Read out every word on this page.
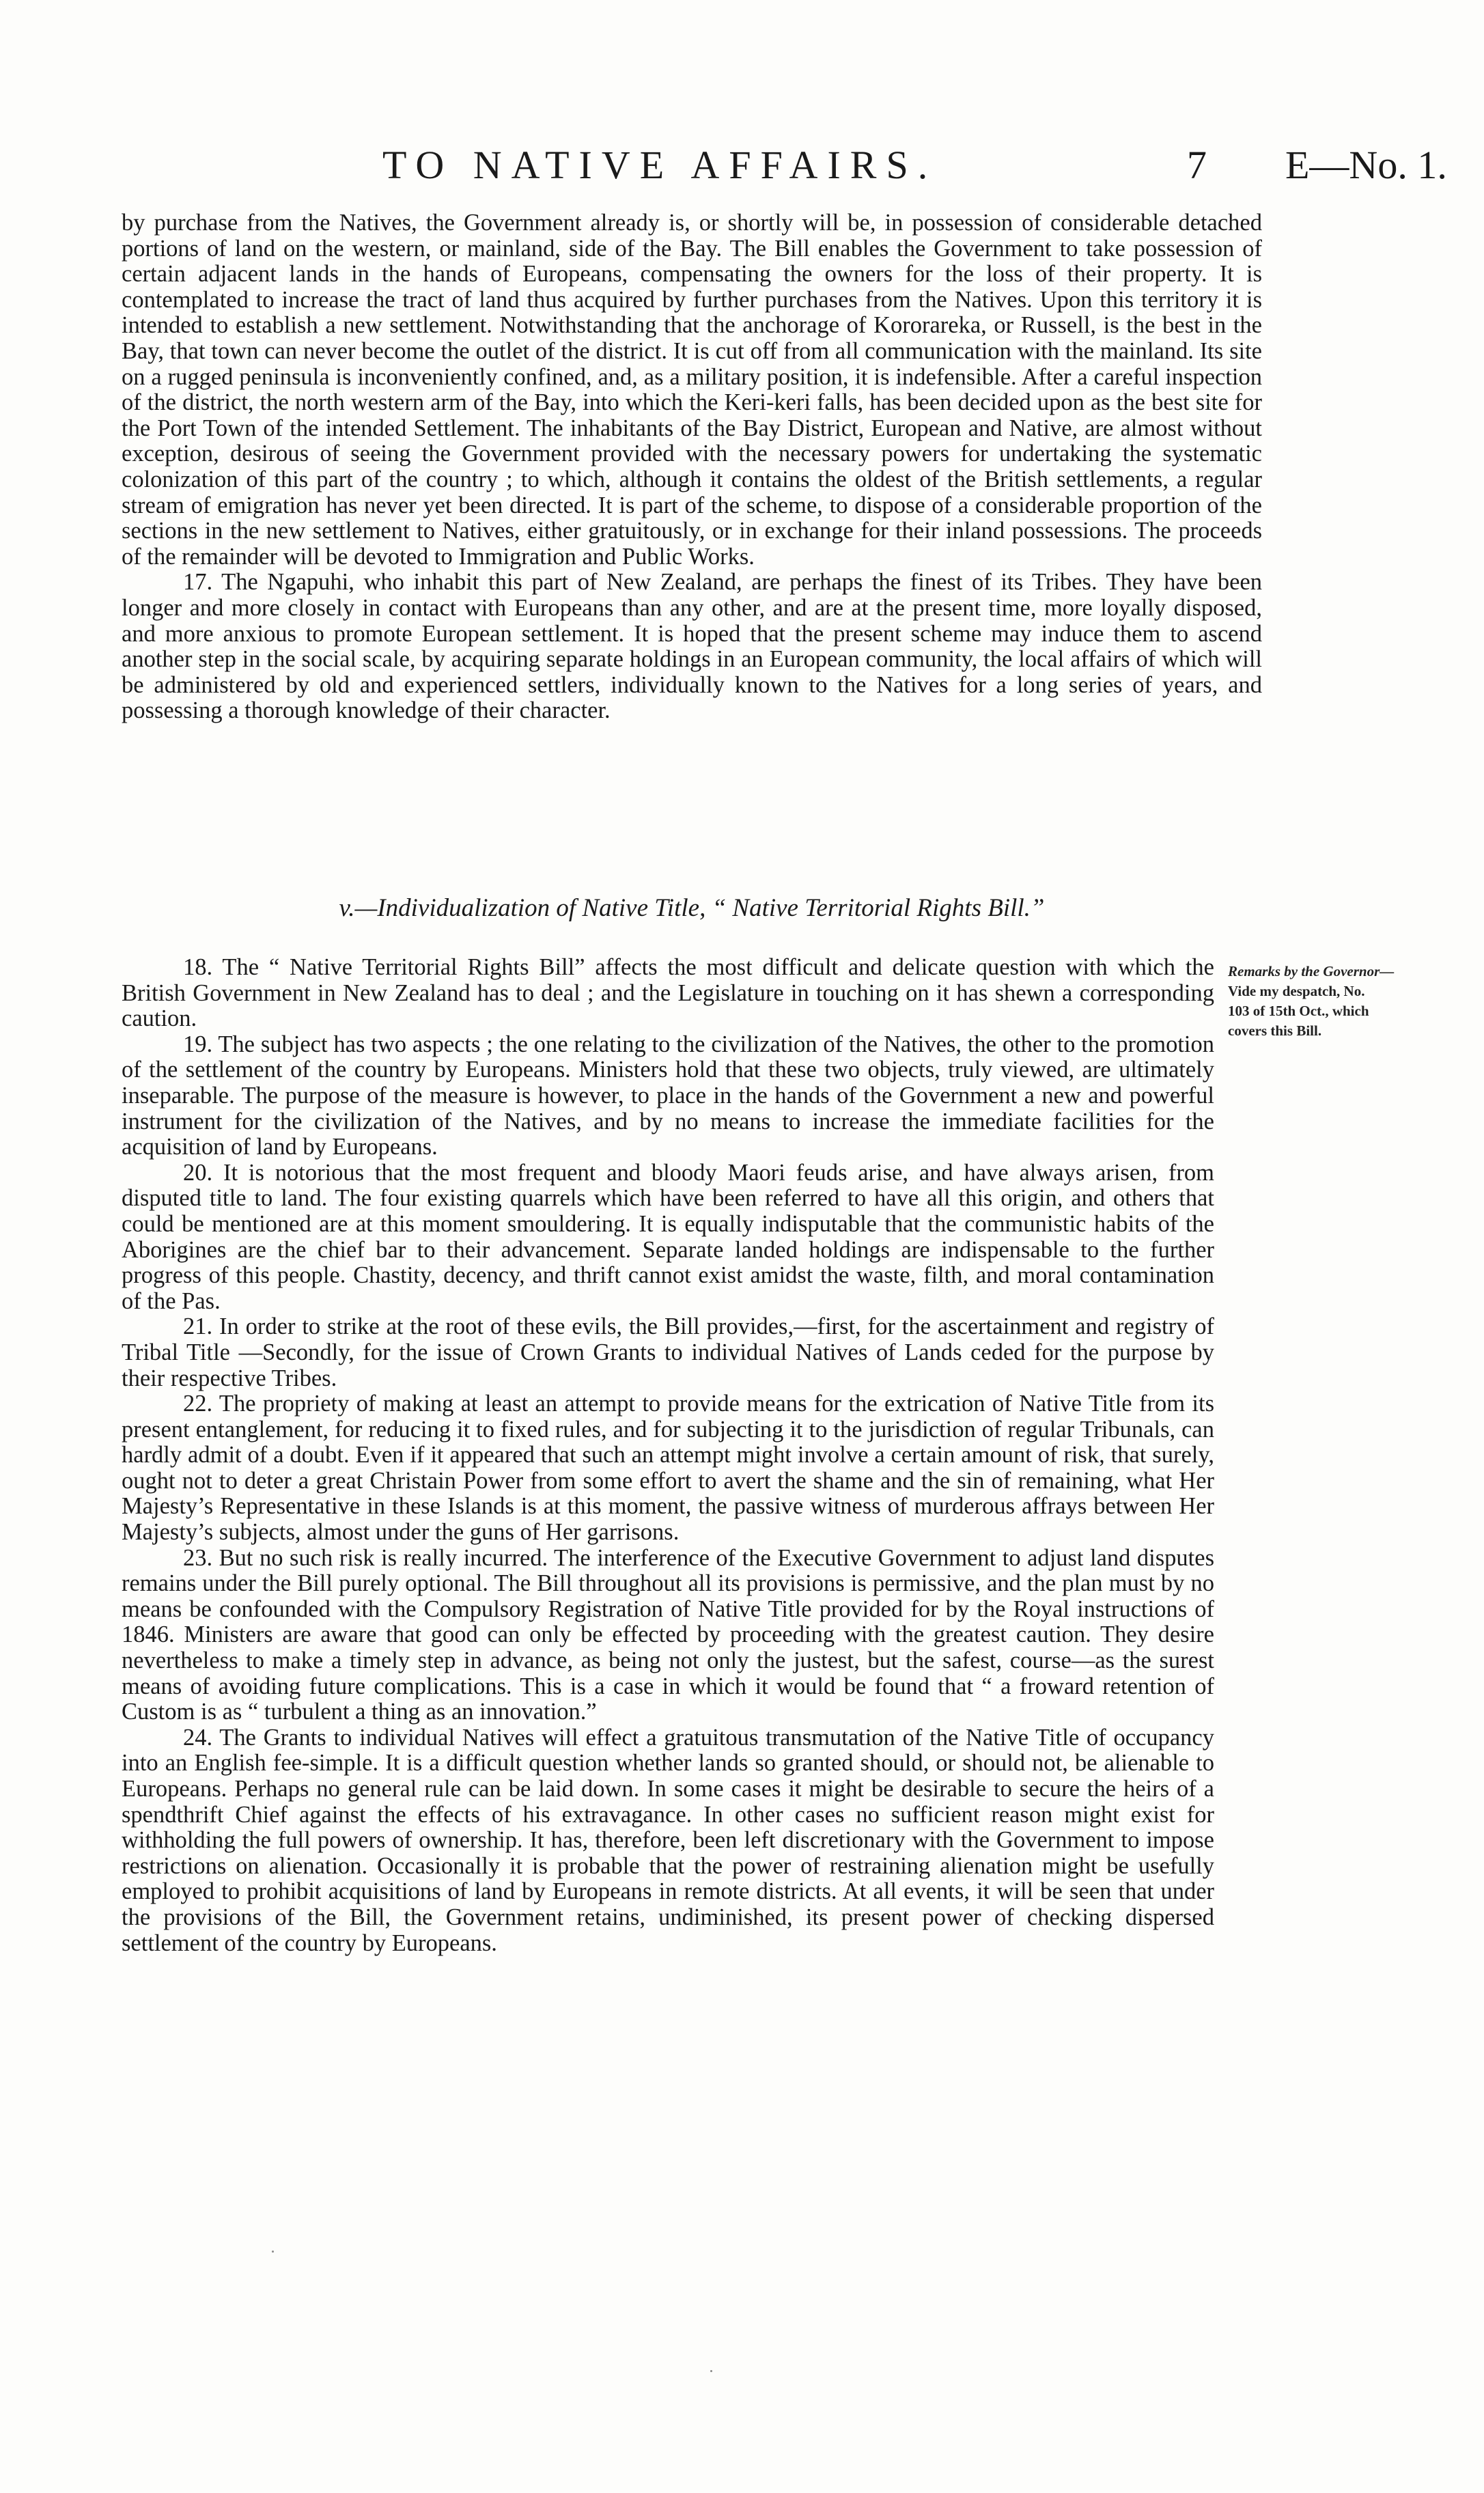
TO NATIVE AFFAIRS.	7 E—No. 1.

by purchase from the Natives, the Government already is, or shortly will be, in possession of considerable detached portions of land on the western, or mainland, side of the Bay. The Bill enables the Government to take possession of certain adjacent lands in the hands of Europeans, compensating the owners for the loss of their property. It is contemplated to increase the tract of land thus acquired by further purchases from the Natives. Upon this territory it is intended to establish a new settlement. Notwithstanding that the anchorage of Kororareka, or Russell, is the best in the Bay, that town can never become the outlet of the district. It is cut off from all communication with the mainland. Its site on a rugged peninsula is inconveniently confined, and, as a military position, it is indefensible. After a careful inspection of the district, the north western arm of the Bay, into which the Keri-keri falls, has been decided upon as the best site for the Port Town of the intended Settlement. The inhabitants of the Bay District, European and Native, are almost without exception, desirous of seeing the Government provided with the necessary powers for undertaking the systematic colonization of this part of the country ; to which, although it contains the oldest of the British settlements, a regular stream of emigration has never yet been directed. It is part of the scheme, to dispose of a considerable proportion of the sections in the new settlement to Natives, either gratuitously, or in exchange for their inland possessions. The proceeds of the remainder will be devoted to Immigration and Public Works.

17. The Ngapuhi, who inhabit this part of New Zealand, are perhaps the finest of its Tribes. They have been longer and more closely in contact with Europeans than any other, and are at the present time, more loyally disposed, and more anxious to promote European settlement. It is hoped that the present scheme may induce them to ascend another step in the social scale, by acquiring separate holdings in an European community, the local affairs of which will be administered by old and experienced settlers, individually known to the Natives for a long series of years, and possessing a thorough knowledge of their character.

v.—Individualization of Native Title, “ Native Territorial Rights Bill.”

18. The “ Native Territorial Rights Bill” affects the most difficult and delicate question with which the British Government in New Zealand has to deal ; and the Legislature in touching on it has shewn a corresponding caution.

19. The subject has two aspects ; the one relating to the civilization of the Natives, the other to the promotion of the settlement of the country by Europeans. Ministers hold that these two objects, truly viewed, are ultimately inseparable. The purpose of the measure is however, to place in the hands of the Government a new and powerful instrument for the civilization of the Natives, and by no means to increase the immediate facilities for the acquisition of land by Europeans.

20. It is notorious that the most frequent and bloody Maori feuds arise, and have always arisen, from disputed title to land. The four existing quarrels which have been referred to have all this origin, and others that could be mentioned are at this moment smouldering. It is equally indisputable that the communistic habits of the Aborigines are the chief bar to their advancement. Separate landed holdings are indispensable to the further progress of this people. Chastity, decency, and thrift cannot exist amidst the waste, filth, and moral contamination of the Pas.

21. In order to strike at the root of these evils, the Bill provides,—first, for the ascertainment and registry of Tribal Title —Secondly, for the issue of Crown Grants to individual Natives of Lands ceded for the purpose by their respective Tribes.

22. The propriety of making at least an attempt to provide means for the extrication of Native Title from its present entanglement, for reducing it to fixed rules, and for subjecting it to the jurisdiction of regular Tribunals, can hardly admit of a doubt. Even if it appeared that such an attempt might involve a certain amount of risk, that surely, ought not to deter a great Christain Power from some effort to avert the shame and the sin of remaining, what Her Majesty’s Representative in these Islands is at this moment, the passive witness of murderous affrays between Her Majesty’s subjects, almost under the guns of Her garrisons.

23. But no such risk is really incurred. The interference of the Executive Government to adjust land disputes remains under the Bill purely optional. The Bill throughout all its provisions is permissive, and the plan must by no means be confounded with the Compulsory Registration of Native Title provided for by the Royal instructions of 1846. Ministers are aware that good can only be effected by proceeding with the greatest caution. They desire nevertheless to make a timely step in advance, as being not only the justest, but the safest, course—as the surest means of avoiding future complications. This is a case in which it would be found that “ a froward retention of Custom is as “ turbulent a thing as an innovation.”

24. The Grants to individual Natives will effect a gratuitous transmutation of the Native Title of occupancy into an English fee-simple. It is a difficult question whether lands so granted should, or should not, be alienable to Europeans. Perhaps no general rule can be laid down. In some cases it might be desirable to secure the heirs of a spendthrift Chief against the effects of his extravagance. In other cases no sufficient reason might exist for withholding the full powers of ownership. It has, therefore, been left discretionary with the Government to impose restrictions on alienation. Occasionally it is probable that the power of restraining alienation might be usefully employed to prohibit acquisitions of land by Europeans in remote districts. At all events, it will be seen that under the provisions of the Bill, the Government retains, undiminished, its present power of checking dispersed settlement of the country by Europeans.

Remarks by the Governor—
Vide my despatch, No.
103 of 15th Oct., which
covers this Bill.
